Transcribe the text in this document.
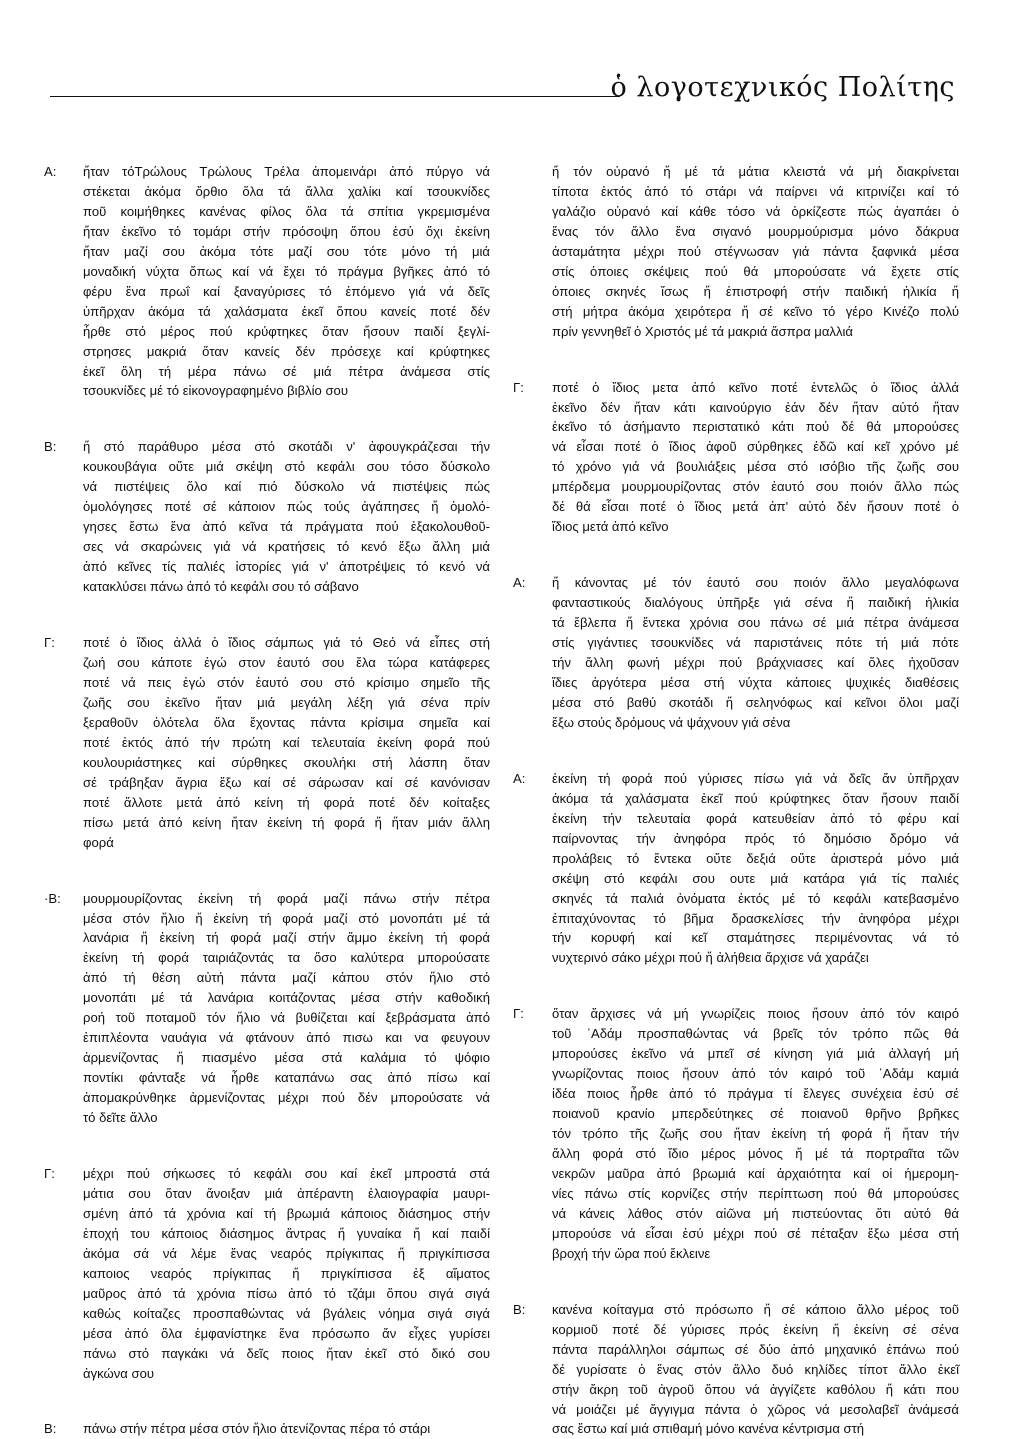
ὁ λογοτεχνικός Πολίτης
Α:	ἤταν τόΤρώλους Τρώλους Τρέλα ἀπομεινάρι ἀπό πύργο νά
στέκεται ἀκόμα ὄρθιο ὅλα τά ἄλλα χαλίκι καί τσουκνίδες
ποῦ κοιμήθηκες κανένας φίλος ὅλα τά σπίτια γκρεμισμένα
ἤταν ἐκεῖνο τό τομάρι στήν πρόσοψη ὅπου ἐσύ ὄχι ἐκείνη
ἤταν μαζί σου ἀκόμα τότε μαζί σου τότε μόνο τή μιά
μοναδική νύχτα ὅπως καί νά ἔχει τό πράγμα βγῆκες ἀπό τό
φέρυ ἕνα πρωΐ καί ξαναγύρισες τό ἐπόμενο γιά νά δεῖς
ὑπῆρχαν ἀκόμα τά χαλάσματα ἐκεῖ ὅπου κανείς ποτέ δέν
ἦρθε στό μέρος πού κρύφτηκες ὅταν ἤσουν παιδί ξεγλί-
στρησες μακριά ὅταν κανείς δέν πρόσεχε καί κρύφτηκες
ἐκεῖ ὅλη τή μέρα πάνω σέ μιά πέτρα ἀνάμεσα στίς
τσουκνίδες μέ τό εἰκονογραφημένο βιβλίο σου
Β:	ἤ στό παράθυρο μέσα στό σκοτάδι ν' ἀφουγκράζεσαι τήν
κουκουβάγια οὔτε μιά σκέψη στό κεφάλι σου τόσο δύσκολο
νά πιστέψεις ὅλο καί πιό δύσκολο νά πιστέψεις πώς
ὁμολόγησες ποτέ σέ κάποιον πώς τούς ἀγάπησες ἤ ὁμολό-
γησες ἔστω ἕνα ἀπό κεῖνα τά πράγματα πού ἐξακολουθοῦ-
σες νά σκαρώνεις γιά νά κρατήσεις τό κενό ἔξω ἄλλη μιά
ἀπό κεῖνες τίς παλιές ἱστορίες γιά ν' ἀποτρέψεις τό κενό νά
κατακλύσει πάνω ἀπό τό κεφάλι σου τό σάβανο
Γ:	ποτέ ὁ ἴδιος ἀλλά ὁ ἴδιος σάμπως γιά τό Θεό νά εἶπες στή
ζωή σου κάποτε ἐγώ στον ἑαυτό σου ἔλα τώρα κατάφερες
ποτέ νά πεις ἐγώ στόν ἑαυτό σου στό κρίσιμο σημεῖο τῆς
ζωῆς σου ἐκεῖνο ἤταν μιά μεγάλη λέξη γιά σένα πρίν
ξεραθοῦν ὁλότελα ὅλα ἔχοντας πάντα κρίσιμα σημεῖα καί
ποτέ ἐκτός ἀπό τήν πρώτη καί τελευταία ἐκείνη φορά πού
κουλουριάστηκες καί σύρθηκες σκουλήκι στή λάσπη ὅταν
σέ τράβηξαν ἄγρια ἔξω καί σέ σάρωσαν καί σέ κανόνισαν
ποτέ ἄλλοτε μετά ἀπό κείνη τή φορά ποτέ δέν κοίταξες
πίσω μετά ἀπό κείνη ἤταν ἐκείνη τή φορά ἤ ἤταν μιάν ἄλλη
φορά
·Β:	μουρμουρίζοντας ἐκείνη τή φορά μαζί πάνω στήν πέτρα
μέσα στόν ἥλιο ἤ ἐκείνη τή φορά μαζί στό μονοπάτι μέ τά
λανάρια ἤ ἐκείνη τή φορά μαζί στήν ἄμμο ἐκείνη τή φορά
ἐκείνη τή φορά ταιριάζοντάς τα ὅσο καλύτερα μπορούσατε
ἀπό τή θέση αὐτή πάντα μαζί κάπου στόν ἥλιο στό
μονοπάτι μέ τά λανάρια κοιτάζοντας μέσα στήν καθοδική
ροή τοῦ ποταμοῦ τόν ἥλιο νά βυθίζεται καί ξεβράσματα ἀπό
ἐπιπλέοντα ναυάγια νά φτάνουν ἀπό πισω και να φευγουν
ἀρμενίζοντας ἤ πιασμένο μέσα στά καλάμια τό ψόφιο
ποντίκι φάνταξε νά ἦρθε καταπάνω σας ἀπό πίσω καί
ἀπομακρύνθηκε ἀρμενίζοντας μέχρι πού δέν μπορούσατε νά
τό δεῖτε ἄλλο
Γ:	μέχρι πού σήκωσες τό κεφάλι σου καί ἐκεῖ μπροστά στά
μάτια σου ὅταν ἄνοιξαν μιά ἀπέραντη ἐλαιογραφία μαυρι-
σμένη ἀπό τά χρόνια καί τή βρωμιά κάποιος διάσημος στήν
ἐποχή του κάποιος διάσημος ἄντρας ἤ γυναίκα ἤ καί παιδί
ἀκόμα σά νά λέμε ἕνας νεαρός πρίγκιπας ἤ πριγκίπισσα
καποιος νεαρός πρίγκιπας ἤ πριγκίπισσα ἐξ αἵματος
μαῦρος ἀπό τά χρόνια πίσω ἀπό τό τζάμι ὅπου σιγά σιγά
καθώς κοίταζες προσπαθώντας νά βγάλεις νόημα σιγά σιγά
μέσα ἀπό ὅλα ἐμφανίστηκε ἕνα πρόσωπο ἄν εἶχες γυρίσει
πάνω στό παγκάκι νά δεῖς ποιος ἤταν ἐκεῖ στό δικό σου
ἀγκώνα σου
Β:	πάνω στήν πέτρα μέσα στόν ἥλιο ἀτενίζοντας πέρα τό στάρι
ἤ τόν οὐρανό ἤ μέ τά μάτια κλειστά νά μή διακρίνεται
τίποτα ἐκτός ἀπό τό στάρι νά παίρνει νά κιτρινίζει καί τό
γαλάζιο οὐρανό καί κάθε τόσο νά ὁρκίζεστε πώς ἀγαπάει ὁ
ἕνας τόν ἄλλο ἕνα σιγανό μουρμούρισμα μόνο δάκρυα
ἀσταμάτητα μέχρι πού στέγνωσαν γιά πάντα ξαφνικά μέσα
στίς ὁποιες σκέψεις πού θά μπορούσατε νά ἔχετε στίς
ὁποιες σκηνές ἴσως ἤ ἐπιστροφή στήν παιδική ἡλικία ἤ
στή μήτρα ἀκόμα χειρότερα ἤ σέ κεῖνο τό γέρο Κινέζο πολύ
πρίν γεννηθεῖ ὁ Χριστός μέ τά μακριά ἄσπρα μαλλιά
Γ:	ποτέ ὁ ἴδιος μετα ἀπό κεῖνο ποτέ ἐντελῶς ὁ ἴδιος ἀλλά
ἐκεῖνο δέν ἤταν κάτι καινούργιο ἐάν δέν ἤταν αὐτό ἤταν
ἐκεῖνο τό ἀσήμαντο περιστατικό κάτι πού δέ θά μπορούσες
νά εἶσαι ποτέ ὁ ἴδιος ἀφοῦ σύρθηκες ἐδῶ καί κεῖ χρόνο μέ
τό χρόνο γιά νά βουλιάξεις μέσα στό ισόβιο τῆς ζωῆς σου
μπέρδεμα μουρμουρίζοντας στόν ἑαυτό σου ποιόν ἄλλο πώς
δέ θά εἶσαι ποτέ ὁ ἴδιος μετά ἀπ' αὐτό δέν ἤσουν ποτέ ὁ
ἴδιος μετά ἀπό κεῖνο
Α:	ἤ κάνοντας μέ τόν ἑαυτό σου ποιόν ἄλλο μεγαλόφωνα
φανταστικούς διαλόγους ὑπῆρξε γιά σένα ἤ παιδική ἡλικία
τά ἔβλεπα ἤ ἔντεκα χρόνια σου πάνω σέ μιά πέτρα ἀνάμεσα
στίς γιγάντιες τσουκνίδες νά παριστάνεις πότε τή μιά πότε
τήν ἄλλη φωνή μέχρι πού βράχνιασες καί ὅλες ἠχοῦσαν
ἴδιες ἀργότερα μέσα στή νύχτα κάποιες ψυχικές διαθέσεις
μέσα στό βαθύ σκοτάδι ἤ σεληνόφως καί κεῖνοι ὅλοι μαζί
ἔξω στούς δρόμους νά ψάχνουν γιά σένα
Α:	ἐκείνη τή φορά πού γύρισες πίσω γιά νά δεῖς ἄν ὑπῆρχαν
ἀκόμα τά χαλάσματα ἐκεῖ πού κρύφτηκες ὅταν ἤσουν παιδί
ἐκείνη τήν τελευταία φορά κατευθείαν ἀπό τό φέρυ καί
παίρνοντας τήν ἀνηφόρα πρός τό δημόσιο δρόμο νά
προλάβεις τό ἔντεκα οὔτε δεξιά οὔτε ἀριστερά μόνο μιά
σκέψη στό κεφάλι σου ουτε μιά κατάρα γιά τίς παλιές
σκηνές τά παλιά ὀνόματα ἐκτός μέ τό κεφάλι κατεβασμένο
ἐπιταχύνοντας τό βῆμα δρασκελίσες τήν ἀνηφόρα μέχρι
τήν κορυφή καί κεῖ σταμάτησες περιμένοντας νά τό
νυχτερινό σάκο μέχρι πού ἤ ἀλήθεια ἄρχισε νά χαράζει
Γ:	ὅταν ἄρχισες νά μή γνωρίζεις ποιος ἤσουν ἀπό τόν καιρό
τοῦ ᾿Αδάμ προσπαθώντας νά βρεῖς τόν τρόπο πῶς θά
μπορούσες ἐκεῖνο νά μπεῖ σέ κίνηση γιά μιά ἀλλαγή μή
γνωρίζοντας ποιος ἤσουν ἀπό τόν καιρό τοῦ ᾿Αδάμ καμιά
ἰδέα ποιος ἦρθε ἀπό τό πράγμα τί ἔλεγες συνέχεια ἐσύ σέ
ποιανοῦ κρανίο μπερδεύτηκες σέ ποιανοῦ θρῆνο βρῆκες
τόν τρόπο τῆς ζωῆς σου ἤταν ἐκείνη τή φορά ἤ ἤταν τήν
ἄλλη φορά στό ἴδιο μέρος μόνος ἤ μέ τά πορτραῖτα τῶν
νεκρῶν μαῦρα ἀπό βρωμιά καί ἀρχαιότητα καί οἱ ἡμερομη-
νίες πάνω στίς κορνίζες στήν περίπτωση πού θά μπορούσες
νά κάνεις λάθος στόν αἰῶνα μή πιστεύοντας ὅτι αὐτό θά
μπορούσε νά εἶσαι ἐσύ μέχρι πού σέ πέταξαν ἔξω μέσα στή
βροχή τήν ὥρα πού ἔκλεινε
Β:	κανένα κοίταγμα στό πρόσωπο ἤ σέ κάποιο ἄλλο μέρος τοῦ
κορμιοῦ ποτέ δέ γύρισες πρός ἐκείνη ἤ ἐκείνη σέ σένα
πάντα παράλληλοι σάμπως σέ δύο ἀπό μηχανικό ἐπάνω πού
δέ γυρίσατε ὁ ἕνας στόν ἄλλο δυό κηλίδες τίποτ ἄλλο ἐκεῖ
στήν ἄκρη τοῦ ἀγροῦ ὅπου νά ἀγγίζετε καθόλου ἤ κάτι που
νά μοιάζει μέ ἄγγιγμα πάντα ὁ χῶρος νά μεσολαβεῖ ἀνάμεσά
σας ἔστω καί μιά σπιθαμή μόνο κανένα κέντρισμα στή
